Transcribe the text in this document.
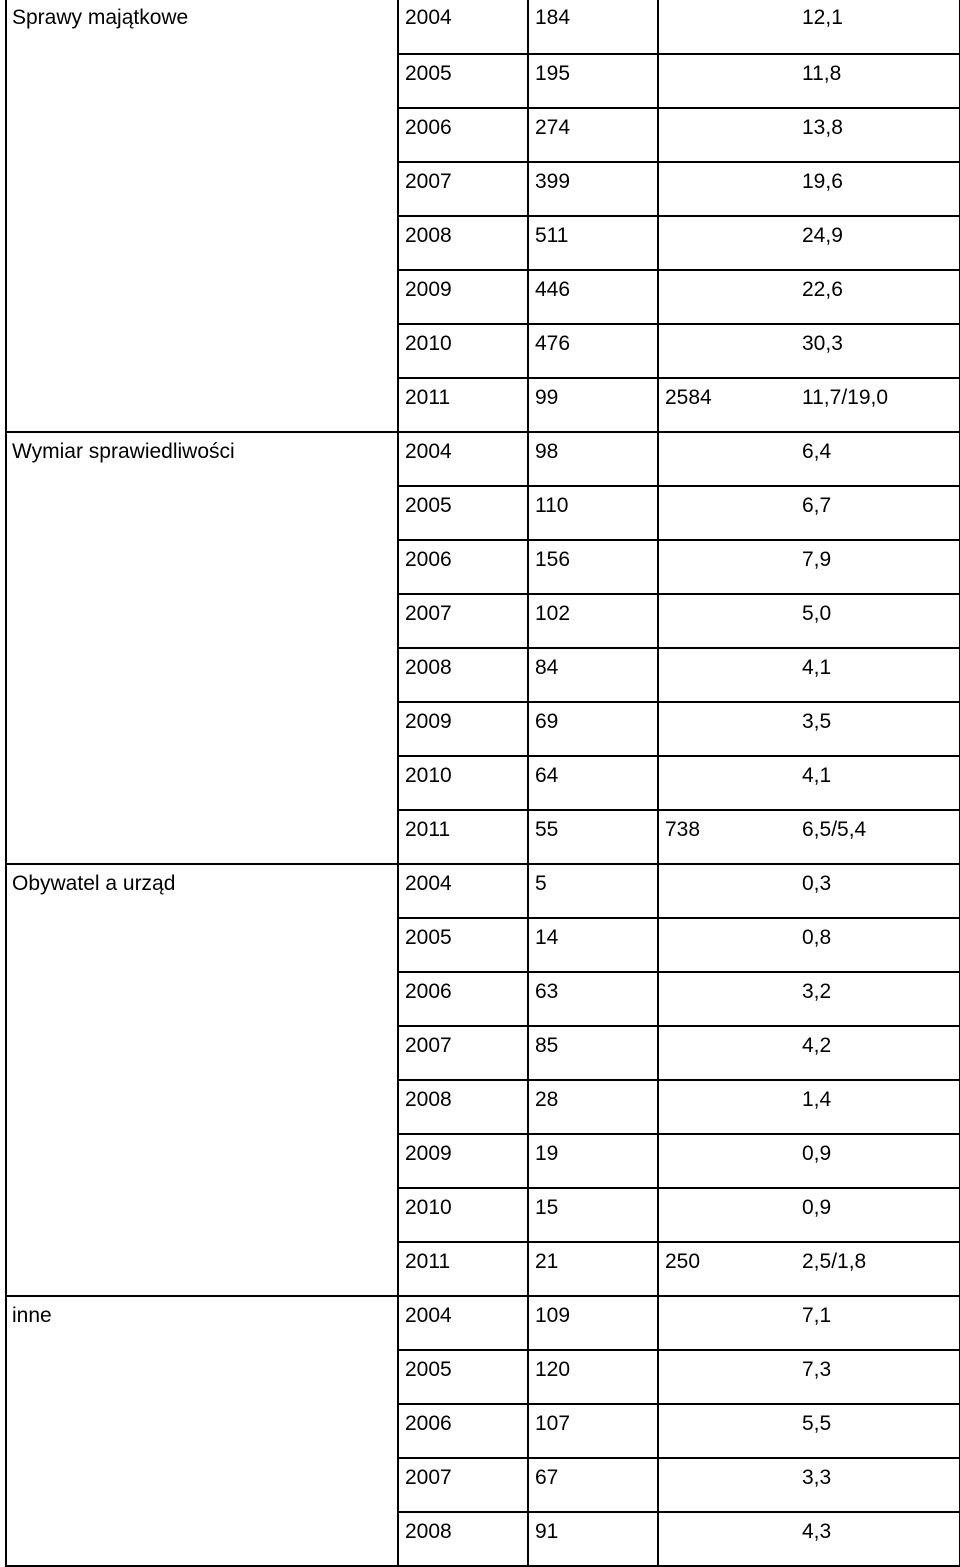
Sprawy majątkowe	2004	184		12,1
	2005	195		11,8
	2006	274		13,8
	2007	399		19,6
	2008	511		24,9
	2009	446		22,6
	2010	476		30,3
	2011	99	2584	11,7/19,0
Wymiar sprawiedliwości	2004	98		6,4
	2005	110		6,7
	2006	156		7,9
	2007	102		5,0
	2008	84		4,1
	2009	69		3,5
	2010	64		4,1
	2011	55	738	6,5/5,4
Obywatel a urząd	2004	5		0,3
	2005	14		0,8
	2006	63		3,2
	2007	85		4,2
	2008	28		1,4
	2009	19		0,9
	2010	15		0,9
	2011	21	250	2,5/1,8
inne	2004	109		7,1
	2005	120		7,3
	2006	107		5,5
	2007	67		3,3
	2008	91		4,3
